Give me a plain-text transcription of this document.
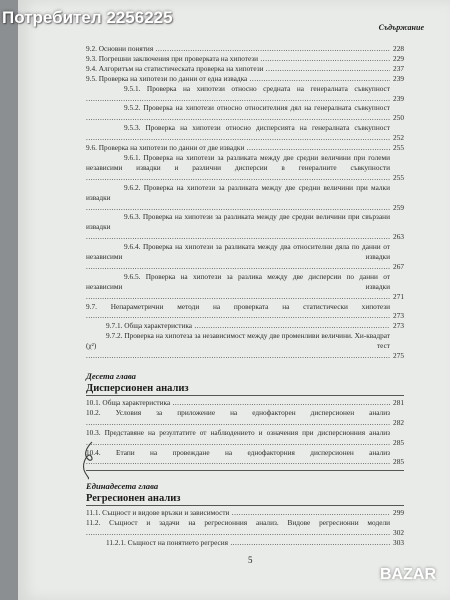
Съдържание
9.2. Основни понятия .....	228
9.3. Погрешни заключения при проверката на хипотези .....	229
9.4. Алгоритъм на статистическата проверка на хипотези .....	237
9.5. Проверка на хипотези по данни от една извадка .....	239
9.5.1. Проверка на хипотези относно средната на генералната съвкупност .....
239
9.5.2. Проверка на хипотези относно относителния дял на генералната съвкупност .....
250
9.5.3. Проверка на хипотези относно дисперсията на генералната съвкупност .....
252
9.6. Проверка на хипотези по данни от две извадки .....	255
9.6.1. Проверка на хипотези за разликата между две средни величини при големи независими извадки и различни дисперсии в генералните съвкупности .....
255
9.6.2. Проверка на хипотези за разликата между две средни величини при малки извадки .....
259
9.6.3. Проверка на хипотези за разликата между две средни величини при свързани извадки .....
263
9.6.4. Проверка на хипотези за разликата между два относителни дяла по данни от независими извадки .....
267
9.6.5. Проверка на хипотези за разлика между две дисперсии по данни от независими извадки .....
271
9.7. Непараметрични методи на проверката на статистически хипотези .....
273
9.7.1. Обща характеристика .....	273
9.7.2. Проверка на хипотеза за независимост между две променливи величини. Хи-квадрат (χ²) тест .....
275
Десета глава
Дисперсионен анализ
10.1. Обща характеристика .....	281
10.2. Условия за приложение на еднофакторен дисперсионен анализ .....
282
10.3. Представяне на резултатите от наблюдението и означения при дисперсионния анализ .....
285
10.4. Етапи на провеждане на еднофакторния дисперсионен анализ .....
285
Единадесета глава
Регресионен анализ
11.1. Същност и видове връзки и зависимости .....	299
11.2. Същност и задачи на регресионния анализ. Видове регресионни модели .....
302
11.2.1. Същност на понятието регресия .....	303
5
BAZAR
Потребител 2256225
